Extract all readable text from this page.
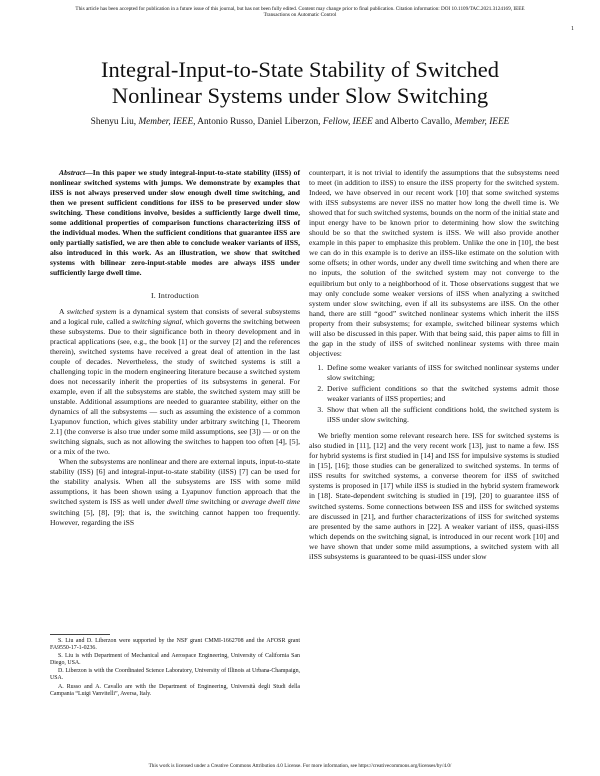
This article has been accepted for publication in a future issue of this journal, but has not been fully edited. Content may change prior to final publication. Citation information: DOI 10.1109/TAC.2021.3124169, IEEE
Transactions on Automatic Control
1
Integral-Input-to-State Stability of Switched
Nonlinear Systems under Slow Switching
Shenyu Liu, Member, IEEE, Antonio Russo, Daniel Liberzon, Fellow, IEEE and Alberto Cavallo, Member, IEEE

Abstract—In this paper we study integral-input-to-state stability (iISS) of nonlinear switched systems with jumps. We demonstrate by examples that iISS is not always preserved under slow enough dwell time switching, and then we present sufficient conditions for iISS to be preserved under slow switching. These conditions involve, besides a sufficiently large dwell time, some additional properties of comparison functions characterizing iISS of the individual modes. When the sufficient conditions that guarantee iISS are only partially satisfied, we are then able to conclude weaker variants of iISS, also introduced in this work. As an illustration, we show that switched systems with bilinear zero-input-stable modes are always iISS under sufficiently large dwell time.

I. Introduction

A switched system is a dynamical system that consists of several subsystems and a logical rule, called a switching signal, which governs the switching between these subsystems. Due to their significance both in theory development and in practical applications (see, e.g., the book [1] or the survey [2] and the references therein), switched systems have received a great deal of attention in the last couple of decades. Nevertheless, the study of switched systems is still a challenging topic in the modern engineering literature because a switched system does not necessarily inherit the properties of its subsystems in general. For example, even if all the subsystems are stable, the switched system may still be unstable. Additional assumptions are needed to guarantee stability, either on the dynamics of all the subsystems — such as assuming the existence of a common Lyapunov function, which gives stability under arbitrary switching [1, Theorem 2.1] (the converse is also true under some mild assumptions, see [3]) — or on the switching signals, such as not allowing the switches to happen too often [4], [5], or a mix of the two.

When the subsystems are nonlinear and there are external inputs, input-to-state stability (ISS) [6] and integral-input-to-state stability (iISS) [7] can be used for the stability analysis. When all the subsystems are ISS with some mild assumptions, it has been shown using a Lyapunov function approach that the switched system is ISS as well under dwell time switching or average dwell time switching [5], [8], [9]; that is, the switching cannot happen too frequently. However, regarding the iSS

S. Liu and D. Liberzon were supported by the NSF grant CMMI-1662708 and the AFOSR grant FA9550-17-1-0236.

S. Liu is with Department of Mechanical and Aerospace Engineering, University of California San Diego, USA.

D. Liberzon is with the Coordinated Science Laboratory, University of Illinois at Urbana-Champaign, USA.

A. Russo and A. Cavallo are with the Department of Engineering, Università degli Studi della Campania “Luigi Vanvitelli”, Aversa, Italy.

counterpart, it is not trivial to identify the assumptions that the subsystems need to meet (in addition to iISS) to ensure the iISS property for the switched system. Indeed, we have observed in our recent work [10] that some switched systems with iISS subsystems are never iISS no matter how long the dwell time is. We showed that for such switched systems, bounds on the norm of the initial state and input energy have to be known prior to determining how slow the switching should be so that the switched system is iISS. We will also provide another example in this paper to emphasize this problem. Unlike the one in [10], the best we can do in this example is to derive an iISS-like estimate on the solution with some offsets; in other words, under any dwell time switching and when there are no inputs, the solution of the switched system may not converge to the equilibrium but only to a neighborhood of it. Those observations suggest that we may only conclude some weaker versions of iISS when analyzing a switched system under slow switching, even if all its subsystems are iISS. On the other hand, there are still “good” switched nonlinear systems which inherit the iISS property from their subsystems; for example, switched bilinear systems which will also be discussed in this paper. With that being said, this paper aims to fill in the gap in the study of iISS of switched nonlinear systems with three main objectives:

1. Define some weaker variants of iISS for switched nonlinear systems under slow switching;
2. Derive sufficient conditions so that the switched systems admit those weaker variants of iISS properties; and
3. Show that when all the sufficient conditions hold, the switched system is iISS under slow switching.

We briefly mention some relevant research here. ISS for switched systems is also studied in [11], [12] and the very recent work [13], just to name a few. ISS for hybrid systems is first studied in [14] and ISS for impulsive systems is studied in [15], [16]; those studies can be generalized to switched systems. In terms of iISS results for switched systems, a converse theorem for iISS of switched systems is proposed in [17] while iISS is studied in the hybrid system framework in [18]. State-dependent switching is studied in [19], [20] to guarantee iISS of switched systems. Some connections between ISS and iISS for switched systems are discussed in [21], and further characterizations of iISS for switched systems are presented by the same authors in [22]. A weaker variant of iISS, quasi-iISS which depends on the switching signal, is introduced in our recent work [10] and we have shown that under some mild assumptions, a switched system with all iISS subsystems is guaranteed to be quasi-iISS under slow

This work is licensed under a Creative Commons Attribution 4.0 License. For more information, see https://creativecommons.org/licenses/by/4.0/
